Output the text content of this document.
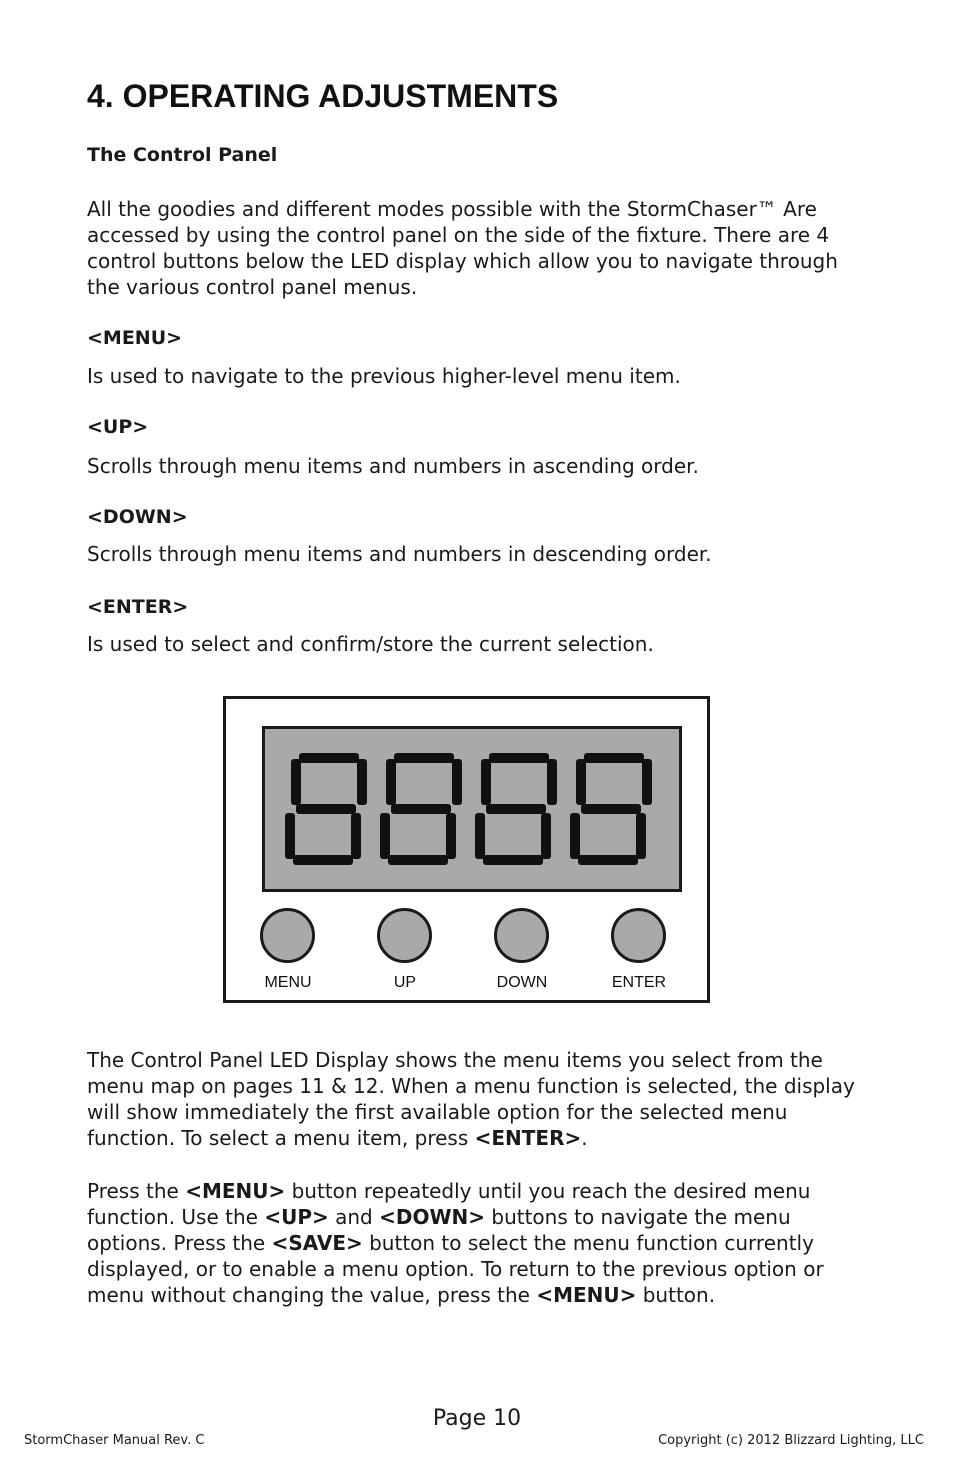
4. OPERATING ADJUSTMENTS
The Control Panel

All the goodies and different modes possible with the StormChaser™ Are accessed by using the control panel on the side of the fixture. There are 4 control buttons below the LED display which allow you to navigate through the various control panel menus.

<MENU>

Is used to navigate to the previous higher-level menu item.

<UP>

Scrolls through menu items and numbers in ascending order.

<DOWN>

Scrolls through menu items and numbers in descending order.

<ENTER>

Is used to select and confirm/store the current selection.

MENU	UP	DOWN	ENTER

The Control Panel LED Display shows the menu items you select from the menu map on pages 11 & 12. When a menu function is selected, the display will show immediately the first available option for the selected menu function. To select a menu item, press <ENTER>.

Press the <MENU> button repeatedly until you reach the desired menu function. Use the <UP> and <DOWN> buttons to navigate the menu options. Press the <SAVE> button to select the menu function currently displayed, or to enable a menu option. To return to the previous option or menu without changing the value, press the <MENU> button.

Page 10
StormChaser Manual Rev. C	Copyright (c) 2012 Blizzard Lighting, LLC
